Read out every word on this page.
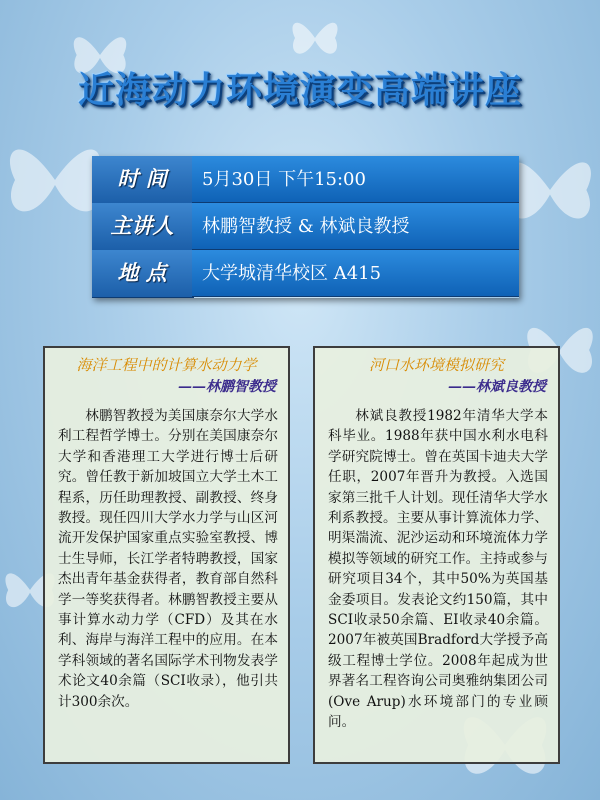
近海动力环境演变高端讲座
时 间	5月30日 下午15:00
主讲人	林鹏智教授 & 林斌良教授
地 点	大学城清华校区 A415
海洋工程中的计算水动力学
——林鹏智教授

林鹏智教授为美国康奈尔大学水利工程哲学博士。分别在美国康奈尔大学和香港理工大学进行博士后研究。曾任教于新加坡国立大学土木工程系，历任助理教授、副教授、终身教授。现任四川大学水力学与山区河流开发保护国家重点实验室教授、博士生导师，长江学者特聘教授，国家杰出青年基金获得者，教育部自然科学一等奖获得者。林鹏智教授主要从事计算水动力学（CFD）及其在水利、海岸与海洋工程中的应用。在本学科领域的著名国际学术刊物发表学术论文40余篇（SCI收录），他引共计300余次。

河口水环境模拟研究
——林斌良教授

林斌良教授1982年清华大学本科毕业。1988年获中国水利水电科学研究院博士。曾在英国卡迪夫大学任职，2007年晋升为教授。入选国家第三批千人计划。现任清华大学水利系教授。主要从事计算流体力学、明渠湍流、泥沙运动和环境流体力学模拟等领域的研究工作。主持或参与研究项目34个，其中50%为英国基金委项目。发表论文约150篇，其中SCI收录50余篇、EI收录40余篇。2007年被英国Bradford大学授予高级工程博士学位。2008年起成为世界著名工程咨询公司奥雅纳集团公司(Ove Arup)水环境部门的专业顾问。
